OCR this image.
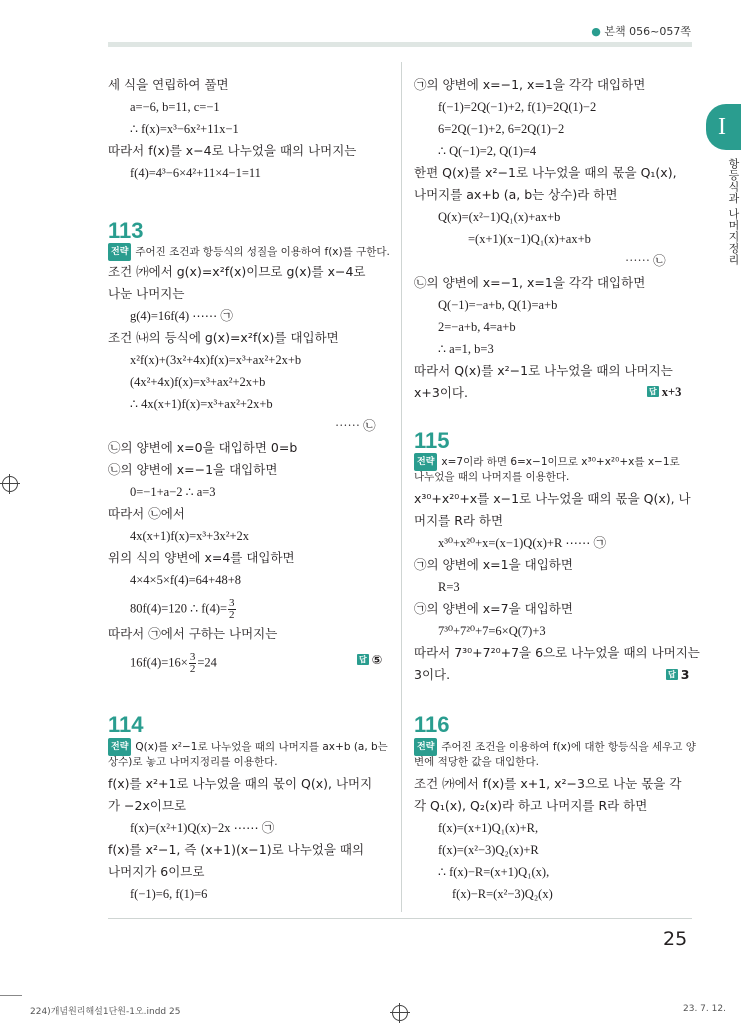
● 본책 056~057쪽
I
항등식과 나머지정리
25
224)개념원리해설1단원-1오.indd 25	23. 7. 12.
세 식을 연립하여 풀면
a=−6, b=11, c=−1
∴ f(x)=x³−6x²+11x−1
따라서 f(x)를 x−4로 나누었을 때의 나머지는
f(4)=4³−6×4²+11×4−1=11
113
전략 주어진 조건과 항등식의 성질을 이용하여 f(x)를 구한다.
조건 ㈎에서 g(x)=x²f(x)이므로 g(x)를 x−4로
나눈 나머지는
g(4)=16f(4) ⋯⋯ ㉠
조건 ㈏의 등식에 g(x)=x²f(x)를 대입하면
x²f(x)+(3x²+4x)f(x)=x³+ax²+2x+b
(4x²+4x)f(x)=x³+ax²+2x+b
∴ 4x(x+1)f(x)=x³+ax²+2x+b
⋯⋯ ㉡
㉡의 양변에 x=0을 대입하면 0=b
㉡의 양변에 x=−1을 대입하면
0=−1+a−2 ∴ a=3
따라서 ㉡에서
4x(x+1)f(x)=x³+3x²+2x
위의 식의 양변에 x=4를 대입하면
4×4×5×f(4)=64+48+8
80f(4)=120 ∴ $f(4)= \frac{3}{2}$
따라서 ㉠에서 구하는 나머지는
$16f(4)=16\times \frac{3}{2} =24$	답 ⑤
114
전략 Q(x)를 x²−1로 나누었을 때의 나머지를 ax+b (a, b는
상수)로 놓고 나머지정리를 이용한다.
f(x)를 x²+1로 나누었을 때의 몫이 Q(x), 나머지
가 −2x이므로
f(x)=(x²+1)Q(x)−2x ⋯⋯ ㉠
f(x)를 x²−1, 즉 (x+1)(x−1)로 나누었을 때의
나머지가 6이므로
f(−1)=6, f(1)=6
㉠의 양변에 x=−1, x=1을 각각 대입하면
f(−1)=2Q(−1)+2, f(1)=2Q(1)−2
6=2Q(−1)+2, 6=2Q(1)−2
∴ Q(−1)=2, Q(1)=4
한편 Q(x)를 x²−1로 나누었을 때의 몫을 Q₁(x),
나머지를 ax+b (a, b는 상수)라 하면
Q(x)=(x²−1)Q₁(x)+ax+b
=(x+1)(x−1)Q₁(x)+ax+b
⋯⋯ ㉡
㉡의 양변에 x=−1, x=1을 각각 대입하면
Q(−1)=−a+b, Q(1)=a+b
2=−a+b, 4=a+b
∴ a=1, b=3
따라서 Q(x)를 x²−1로 나누었을 때의 나머지는
x+3이다.	답 x+3
115
전략 x=7이라 하면 6=x−1이므로 x³⁰+x²⁰+x를 x−1로
나누었을 때의 나머지를 이용한다.
x³⁰+x²⁰+x를 x−1로 나누었을 때의 몫을 Q(x), 나
머지를 R라 하면
x³⁰+x²⁰+x=(x−1)Q(x)+R ⋯⋯ ㉠
㉠의 양변에 x=1을 대입하면
R=3
㉠의 양변에 x=7을 대입하면
7³⁰+7²⁰+7=6×Q(7)+3
따라서 7³⁰+7²⁰+7을 6으로 나누었을 때의 나머지는
3이다.	답 3
116
전략 주어진 조건을 이용하여 f(x)에 대한 항등식을 세우고 양
변에 적당한 값을 대입한다.
조건 ㈎에서 f(x)를 x+1, x²−3으로 나눈 몫을 각
각 Q₁(x), Q₂(x)라 하고 나머지를 R라 하면
f(x)=(x+1)Q₁(x)+R,
f(x)=(x²−3)Q₂(x)+R
∴ f(x)−R=(x+1)Q₁(x),
f(x)−R=(x²−3)Q₂(x)
